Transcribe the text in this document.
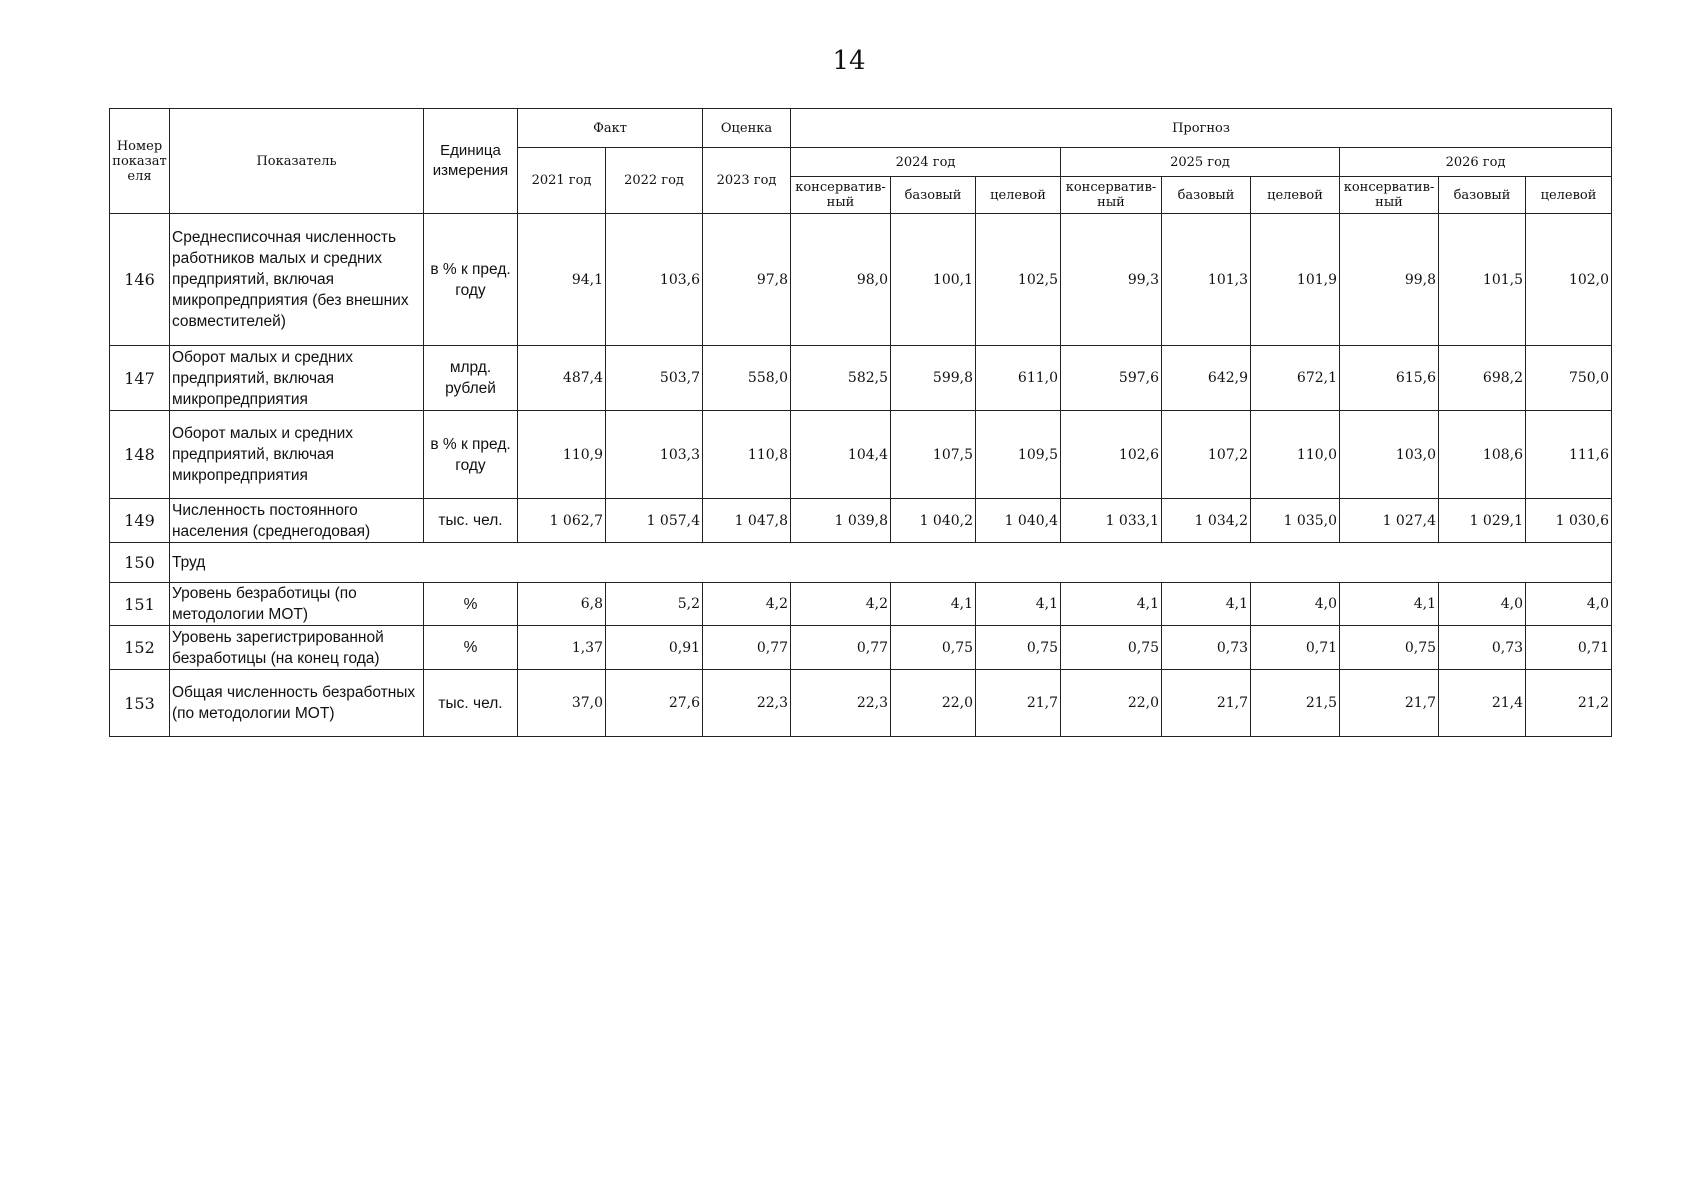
14
Номер показат еля	Показатель	Единица измерения	Факт		Оценка	Прогноз								
			2021 год	2022 год	2023 год	2024 год			2025 год			2026 год		
						консерватив-ный	базовый	целевой	консерватив-ный	базовый	целевой	консерватив-ный	базовый	целевой
146	Среднесписочная численность работников малых и средних предприятий, включая микропредприятия (без внешних совместителей)	в % к пред. году	94,1	103,6	97,8	98,0	100,1	102,5	99,3	101,3	101,9	99,8	101,5	102,0
147	Оборот малых и средних предприятий, включая микропредприятия	млрд. рублей	487,4	503,7	558,0	582,5	599,8	611,0	597,6	642,9	672,1	615,6	698,2	750,0
148	Оборот малых и средних предприятий, включая микропредприятия	в % к пред. году	110,9	103,3	110,8	104,4	107,5	109,5	102,6	107,2	110,0	103,0	108,6	111,6
149	Численность постоянного населения (среднегодовая)	тыс. чел.	1 062,7	1 057,4	1 047,8	1 039,8	1 040,2	1 040,4	1 033,1	1 034,2	1 035,0	1 027,4	1 029,1	1 030,6
150	Труд													
151	Уровень безработицы (по методологии МОТ)	%	6,8	5,2	4,2	4,2	4,1	4,1	4,1	4,1	4,0	4,1	4,0	4,0
152	Уровень зарегистрированной безработицы (на конец года)	%	1,37	0,91	0,77	0,77	0,75	0,75	0,75	0,73	0,71	0,75	0,73	0,71
153	Общая численность безработных (по методологии МОТ)	тыс. чел.	37,0	27,6	22,3	22,3	22,0	21,7	22,0	21,7	21,5	21,7	21,4	21,2
